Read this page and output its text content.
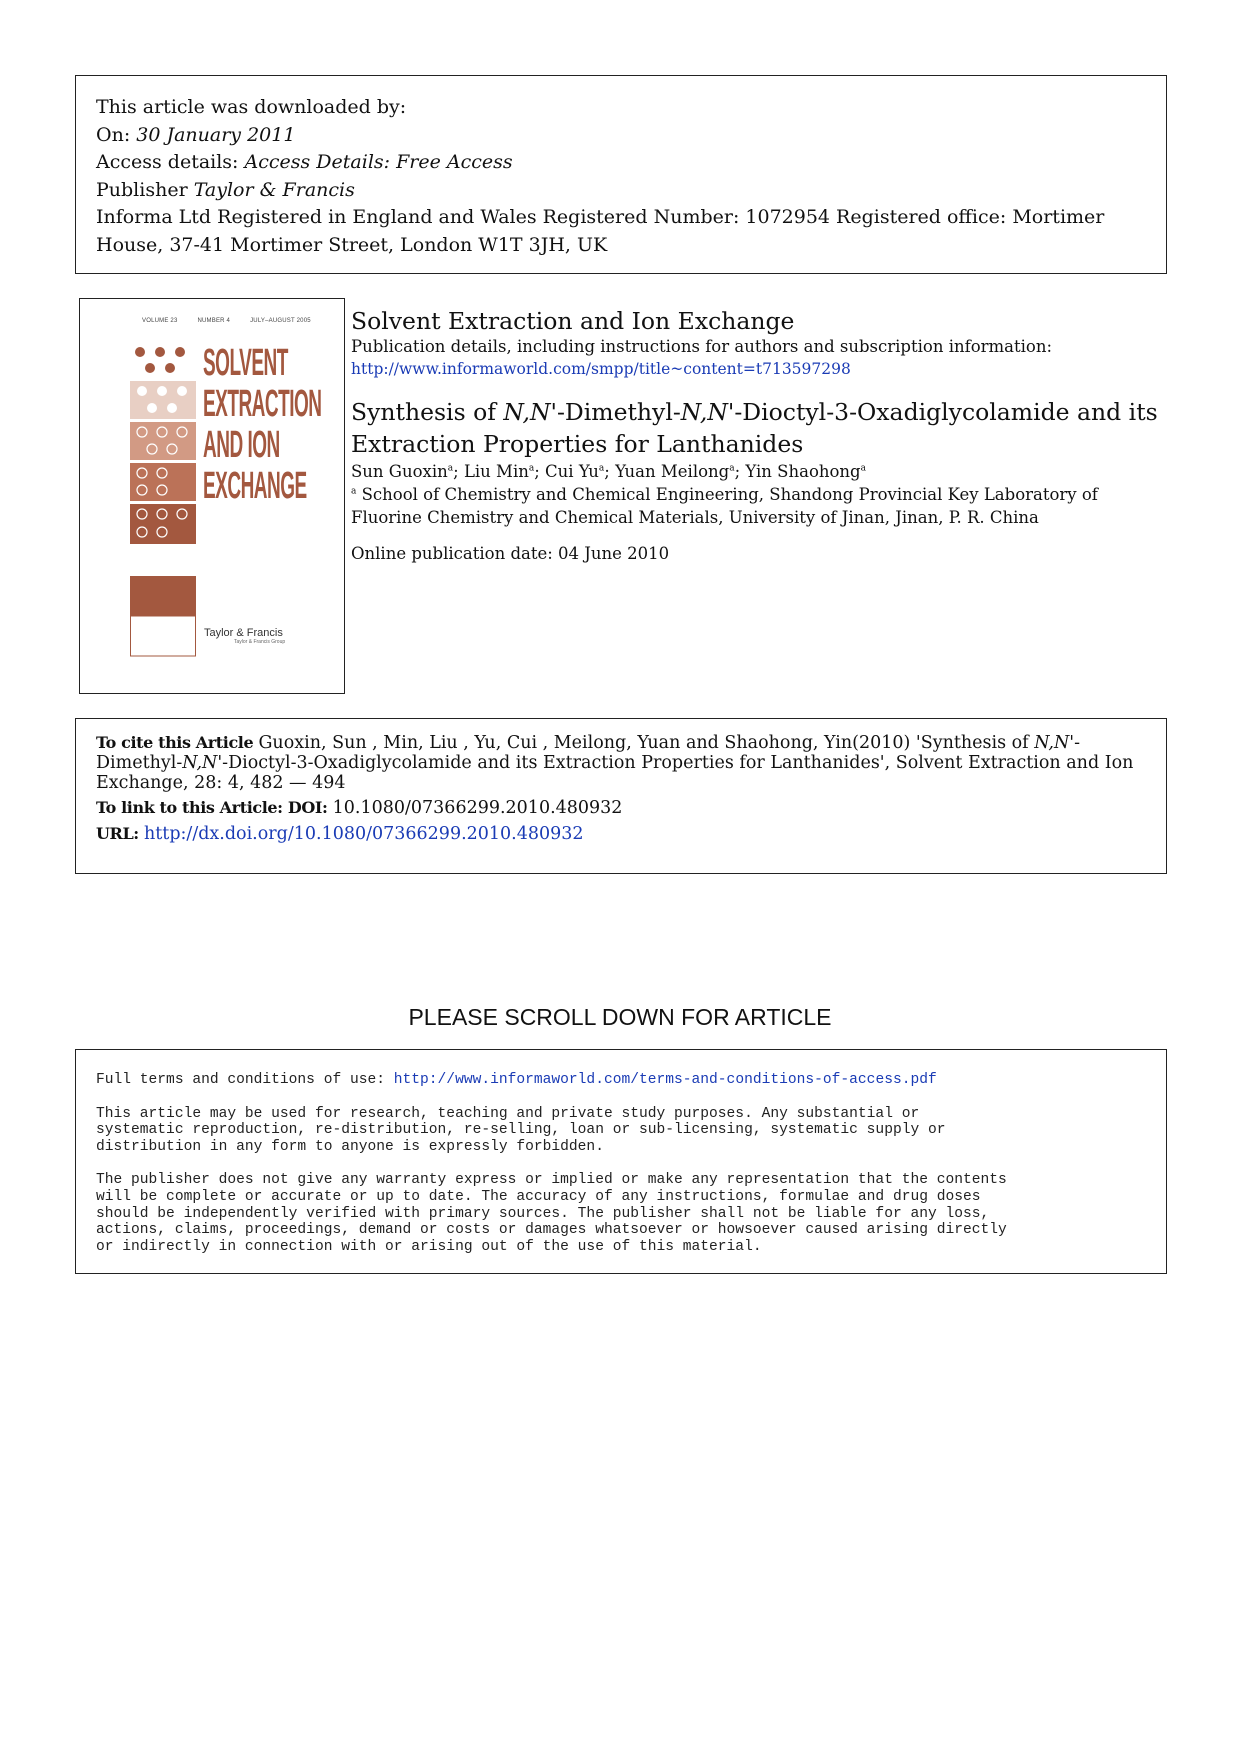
This article was downloaded by:
On: 30 January 2011
Access details: Access Details: Free Access
Publisher Taylor & Francis
Informa Ltd Registered in England and Wales Registered Number: 1072954 Registered office: Mortimer House, 37-41 Mortimer Street, London W1T 3JH, UK
VOLUME 23	NUMBER 4	JULY–AUGUST 2005
SOLVENT
EXTRACTION
AND ION
EXCHANGE
Taylor & Francis
Taylor & Francis Group
Solvent Extraction and Ion Exchange
Publication details, including instructions for authors and subscription information:
http://www.informaworld.com/smpp/title~content=t713597298
Synthesis of N,N'-Dimethyl-N,N'-Dioctyl-3-Oxadiglycolamide and its Extraction Properties for Lanthanides
Sun Guoxin$^a$; Liu Min$^a$; Cui Yu$^a$; Yuan Meilong$^a$; Yin Shaohong$^a$
$^a$ School of Chemistry and Chemical Engineering, Shandong Provincial Key Laboratory of Fluorine Chemistry and Chemical Materials, University of Jinan, Jinan, P. R. China
Online publication date: 04 June 2010
To cite this Article Guoxin, Sun , Min, Liu , Yu, Cui , Meilong, Yuan and Shaohong, Yin(2010) 'Synthesis of N,N'-Dimethyl-N,N'-Dioctyl-3-Oxadiglycolamide and its Extraction Properties for Lanthanides', Solvent Extraction and Ion Exchange, 28: 4, 482 — 494
To link to this Article: DOI: 10.1080/07366299.2010.480932
URL: http://dx.doi.org/10.1080/07366299.2010.480932
PLEASE SCROLL DOWN FOR ARTICLE
Full terms and conditions of use: http://www.informaworld.com/terms-and-conditions-of-access.pdf
This article may be used for research, teaching and private study purposes. Any substantial or
systematic reproduction, re-distribution, re-selling, loan or sub-licensing, systematic supply or
distribution in any form to anyone is expressly forbidden.
The publisher does not give any warranty express or implied or make any representation that the contents
will be complete or accurate or up to date. The accuracy of any instructions, formulae and drug doses
should be independently verified with primary sources. The publisher shall not be liable for any loss,
actions, claims, proceedings, demand or costs or damages whatsoever or howsoever caused arising directly
or indirectly in connection with or arising out of the use of this material.
